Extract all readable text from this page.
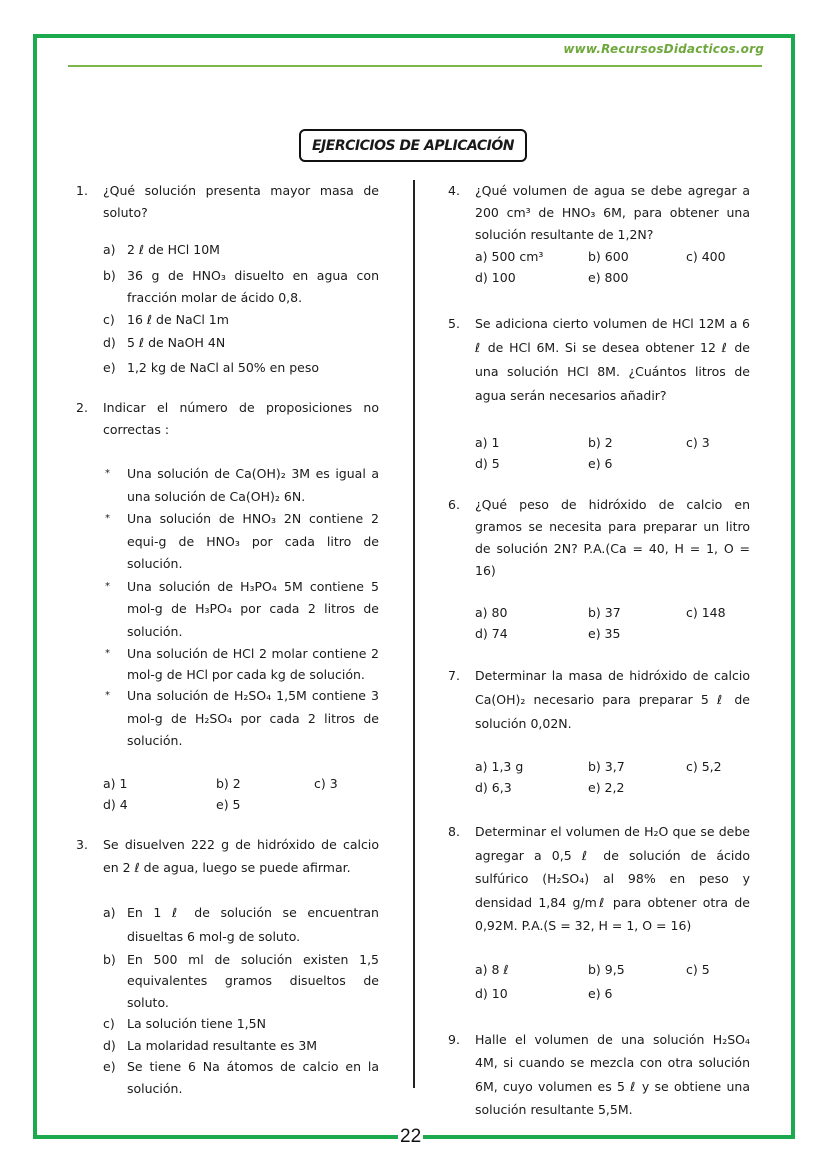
www.RecursosDidacticos.org
EJERCICIOS DE APLICACIÓN
1. ¿Qué solución presenta mayor masa de soluto?
a) 2 ℓ de HCl 10M
b) 36 g de HNO₃ disuelto en agua con fracción molar de ácido 0,8.
c) 16 ℓ de NaCl 1m
d) 5 ℓ de NaOH 4N
e) 1,2 kg de NaCl al 50% en peso
2. Indicar el número de proposiciones no correctas :
* Una solución de Ca(OH)₂ 3M es igual a una solución de Ca(OH)₂ 6N.
* Una solución de HNO₃ 2N contiene 2 equi-g de HNO₃ por cada litro de solución.
* Una solución de H₃PO₄ 5M contiene 5 mol-g de H₃PO₄ por cada 2 litros de solución.
* Una solución de HCl 2 molar contiene 2 mol-g de HCl por cada kg de solución.
* Una solución de H₂SO₄ 1,5M contiene 3 mol-g de H₂SO₄ por cada 2 litros de solución.
a) 1	b) 2	c) 3
d) 4	e) 5
3. Se disuelven 222 g de hidróxido de calcio en 2 ℓ de agua, luego se puede afirmar.
a) En 1 ℓ de solución se encuentran disueltas 6 mol-g de soluto.
b) En 500 ml de solución existen 1,5 equivalentes gramos disueltos de soluto.
c) La solución tiene 1,5N
d) La molaridad resultante es 3M
e) Se tiene 6 Na átomos de calcio en la solución.
4. ¿Qué volumen de agua se debe agregar a 200 cm³ de HNO₃ 6M, para obtener una solución resultante de 1,2N?
a) 500 cm³	b) 600	c) 400
d) 100	e) 800
5. Se adiciona cierto volumen de HCl 12M a 6 ℓ de HCl 6M. Si se desea obtener 12 ℓ de una solución HCl 8M. ¿Cuántos litros de agua serán necesarios añadir?
a) 1	b) 2	c) 3
d) 5	e) 6
6. ¿Qué peso de hidróxido de calcio en gramos se necesita para preparar un litro de solución 2N? P.A.(Ca = 40, H = 1, O = 16)
a) 80	b) 37	c) 148
d) 74	e) 35
7. Determinar la masa de hidróxido de calcio Ca(OH)₂ necesario para preparar 5 ℓ de solución 0,02N.
a) 1,3 g	b) 3,7	c) 5,2
d) 6,3	e) 2,2
8. Determinar el volumen de H₂O que se debe agregar a 0,5 ℓ de solución de ácido sulfúrico (H₂SO₄) al 98% en peso y densidad 1,84 g/mℓ para obtener otra de 0,92M. P.A.(S = 32, H = 1, O = 16)
a) 8 ℓ	b) 9,5	c) 5
d) 10	e) 6
9. Halle el volumen de una solución H₂SO₄ 4M, si cuando se mezcla con otra solución 6M, cuyo volumen es 5 ℓ y se obtiene una solución resultante 5,5M.
22
